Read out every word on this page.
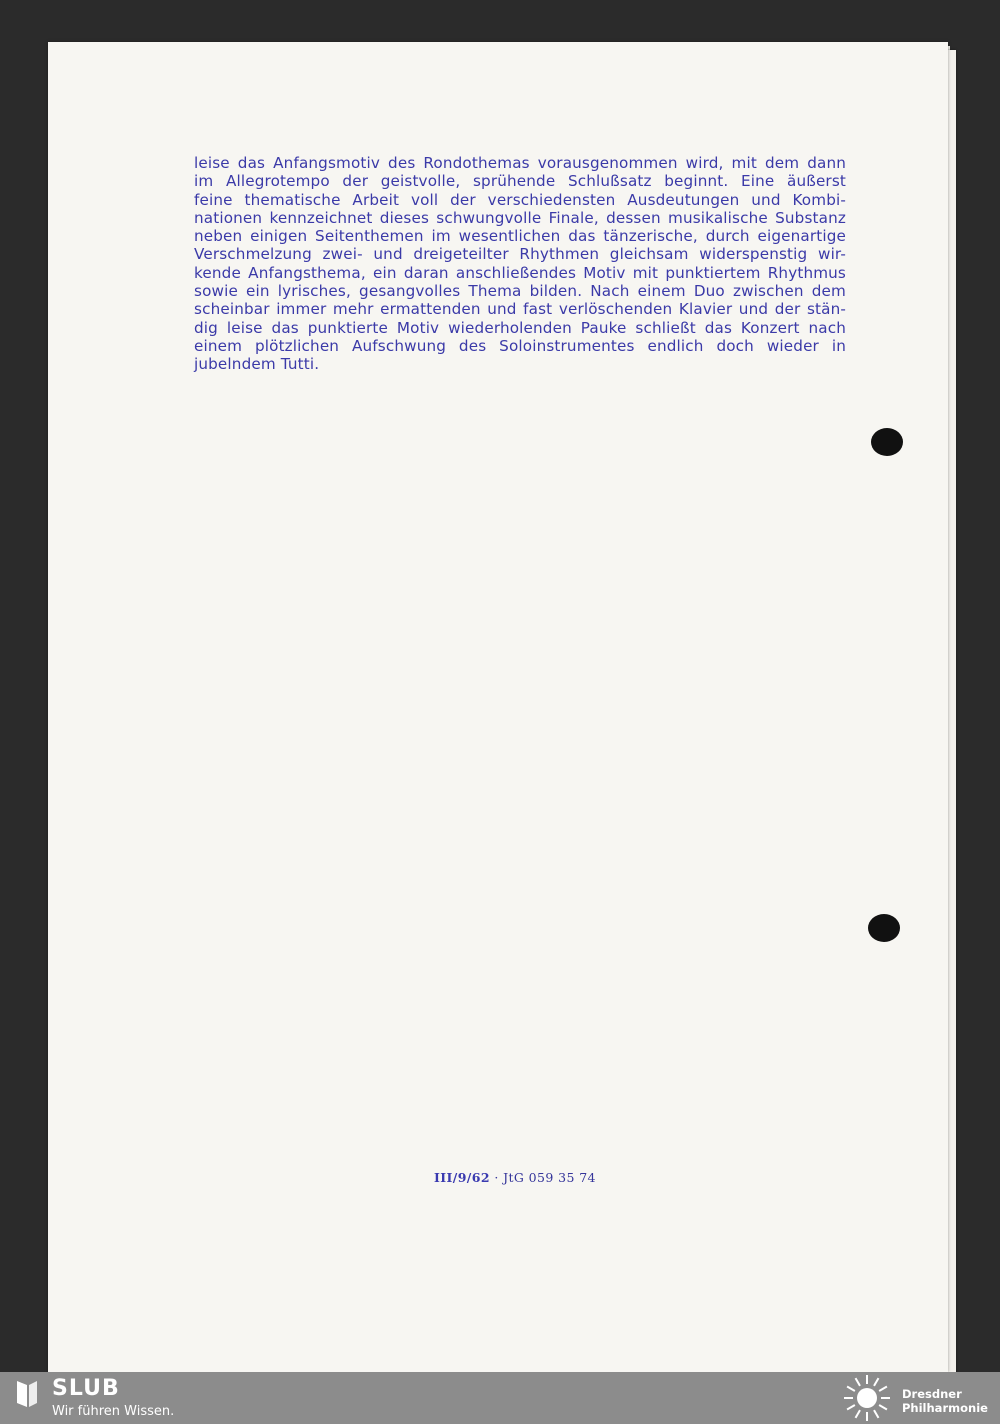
leise das Anfangsmotiv des Rondothemas vorausgenommen wird, mit dem dann
im Allegrotempo der geistvolle, sprühende Schlußsatz beginnt. Eine äußerst
feine thematische Arbeit voll der verschiedensten Ausdeutungen und Kombi-
nationen kennzeichnet dieses schwungvolle Finale, dessen musikalische Substanz
neben einigen Seitenthemen im wesentlichen das tänzerische, durch eigenartige
Verschmelzung zwei- und dreigeteilter Rhythmen gleichsam widerspenstig wir-
kende Anfangsthema, ein daran anschließendes Motiv mit punktiertem Rhythmus
sowie ein lyrisches, gesangvolles Thema bilden. Nach einem Duo zwischen dem
scheinbar immer mehr ermattenden und fast verlöschenden Klavier und der stän-
dig leise das punktierte Motiv wiederholenden Pauke schließt das Konzert nach
einem plötzlichen Aufschwung des Soloinstrumentes endlich doch wieder in
jubelndem Tutti.

III/9/62 · JtG 059 35 74
SLUB
Wir führen Wissen.
Dresdner
Philharmonie
